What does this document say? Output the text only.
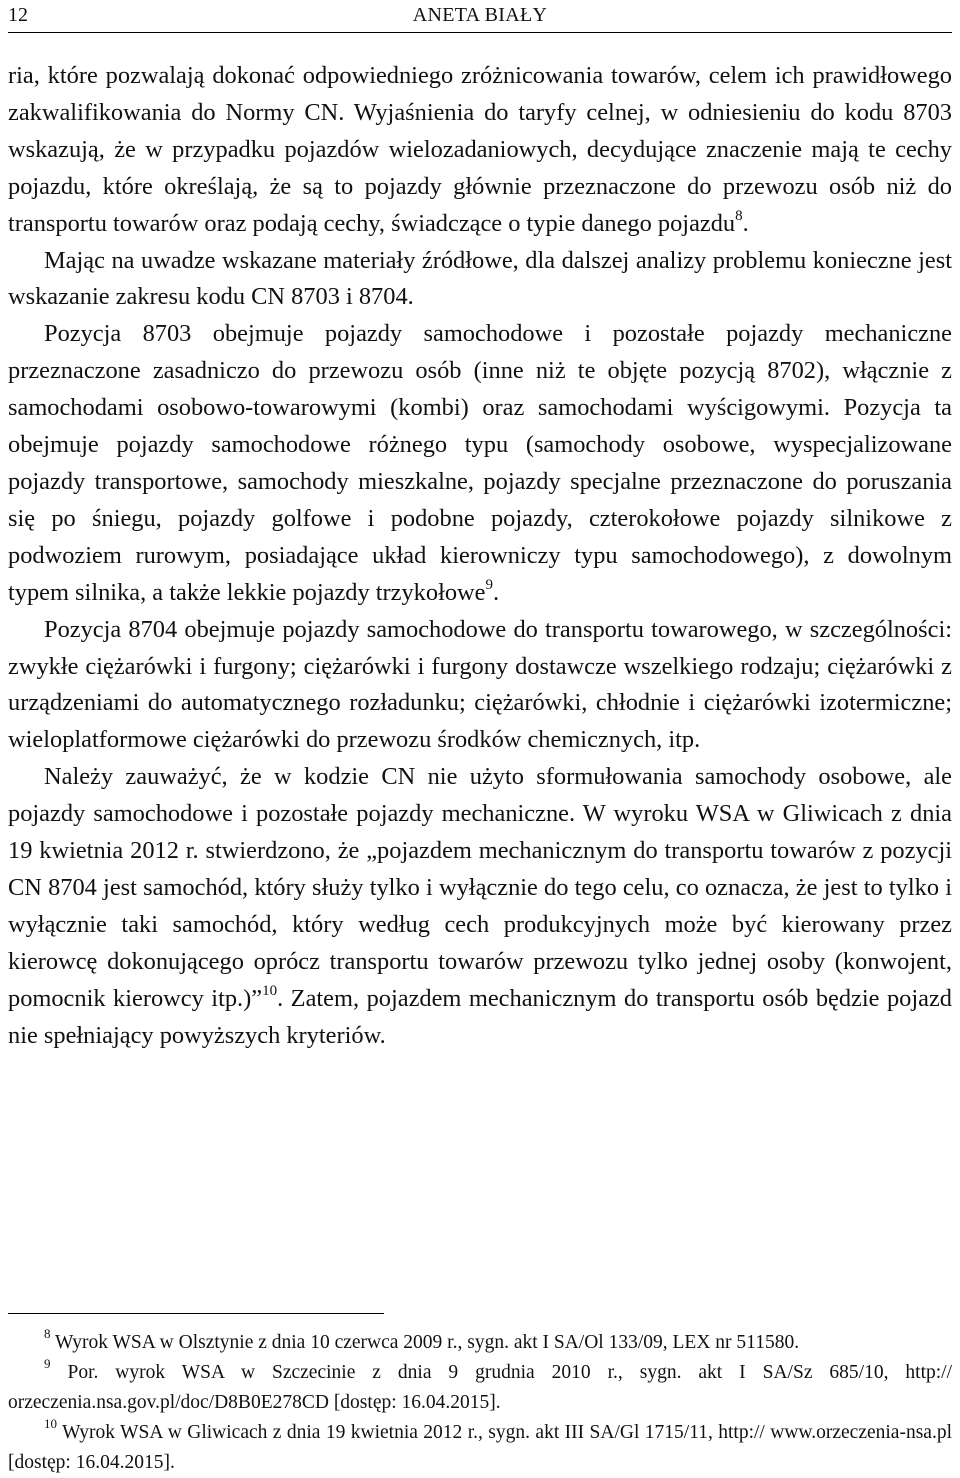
12	ANETA BIAŁY

ria, które pozwalają dokonać odpowiedniego zróżnicowania towarów, celem ich prawidłowego zakwalifikowania do Normy CN. Wyjaśnienia do taryfy celnej, w odniesieniu do kodu 8703 wskazują, że w przypadku pojazdów wielozadaniowych, decydujące znaczenie mają te cechy pojazdu, które określają, że są to pojazdy głównie przeznaczone do przewozu osób niż do transportu towarów oraz podają cechy, świadczące o typie danego pojazdu$^8$.

Mając na uwadze wskazane materiały źródłowe, dla dalszej analizy problemu konieczne jest wskazanie zakresu kodu CN 8703 i 8704.

Pozycja 8703 obejmuje pojazdy samochodowe i pozostałe pojazdy mechaniczne przeznaczone zasadniczo do przewozu osób (inne niż te objęte pozycją 8702), włącznie z samochodami osobowo-towarowymi (kombi) oraz samochodami wyścigowymi. Pozycja ta obejmuje pojazdy samochodowe różnego typu (samochody osobowe, wyspecjalizowane pojazdy transportowe, samochody mieszkalne, pojazdy specjalne przeznaczone do poruszania się po śniegu, pojazdy golfowe i podobne pojazdy, czterokołowe pojazdy silnikowe z podwoziem rurowym, posiadające układ kierowniczy typu samochodowego), z dowolnym typem silnika, a także lekkie pojazdy trzykołowe$^9$.

Pozycja 8704 obejmuje pojazdy samochodowe do transportu towarowego, w szczególności: zwykłe ciężarówki i furgony; ciężarówki i furgony dostawcze wszelkiego rodzaju; ciężarówki z urządzeniami do automatycznego rozładunku; ciężarówki, chłodnie i ciężarówki izotermiczne; wieloplatformowe ciężarówki do przewozu środków chemicznych, itp.

Należy zauważyć, że w kodzie CN nie użyto sformułowania samochody osobowe, ale pojazdy samochodowe i pozostałe pojazdy mechaniczne. W wyroku WSA w Gliwicach z dnia 19 kwietnia 2012 r. stwierdzono, że „pojazdem mechanicznym do transportu towarów z pozycji CN 8704 jest samochód, który służy tylko i wyłącznie do tego celu, co oznacza, że jest to tylko i wyłącznie taki samochód, który według cech produkcyjnych może być kierowany przez kierowcę dokonującego oprócz transportu towarów przewozu tylko jednej osoby (konwojent, pomocnik kierowcy itp.)”$^{10}$. Zatem, pojazdem mechanicznym do transportu osób będzie pojazd nie spełniający powyższych kryteriów.

$^8$ Wyrok WSA w Olsztynie z dnia 10 czerwca 2009 r., sygn. akt I SA/Ol 133/09, LEX nr 511580.

$^9$ Por. wyrok WSA w Szczecinie z dnia 9 grudnia 2010 r., sygn. akt I SA/Sz 685/10, http:// orzeczenia.nsa.gov.pl/doc/D8B0E278CD [dostęp: 16.04.2015].

$^{10}$ Wyrok WSA w Gliwicach z dnia 19 kwietnia 2012 r., sygn. akt III SA/Gl 1715/11, http:// www.orzeczenia-nsa.pl [dostęp: 16.04.2015].
